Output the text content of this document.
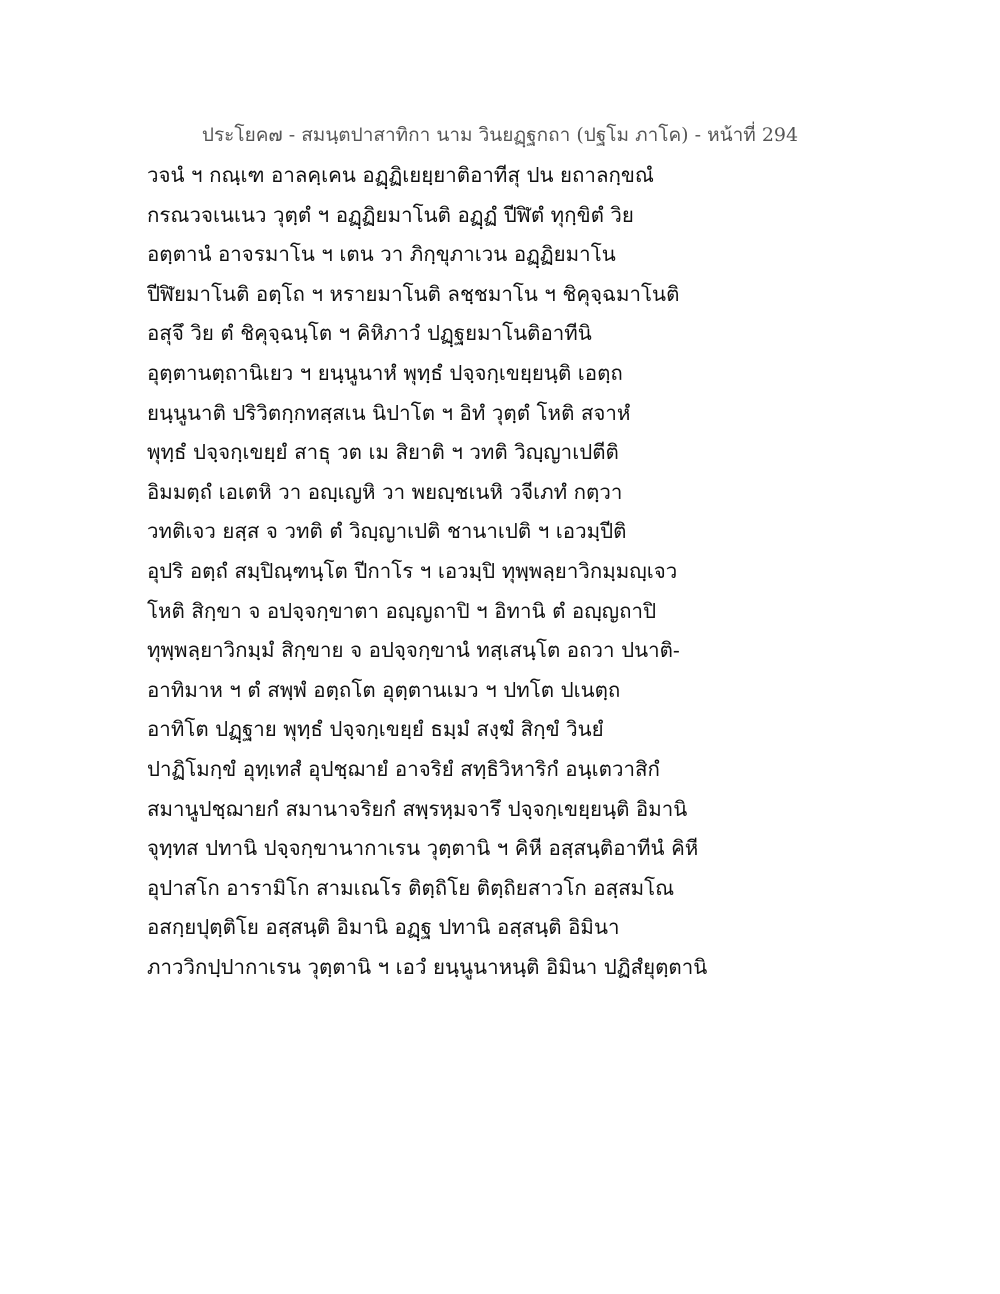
ประโยค๗ - สมนฺตปาสาทิกา นาม วินยฏฺฐกถา (ปฐโม ภาโค) - หน้าที่ 294
วจนํ ฯ กณฺเฑ อาลคฺเคน อฏฺฏิเยยฺยาติอาทีสุ ปน ยถาลกฺขณํ
กรณวจเนเนว วุตฺตํ ฯ อฏฺฏิยมาโนติ อฏฺฏํ ปีฬิตํ ทุกฺขิตํ วิย
อตฺตานํ อาจรมาโน ฯ เตน วา ภิกฺขุภาเวน อฏฺฏิยมาโน
ปีฬิยมาโนติ อตฺโถ ฯ หรายมาโนติ ลชฺชมาโน ฯ ชิคุจฺฉมาโนติ
อสุจึ วิย ตํ ชิคุจฺฉนฺโต ฯ คิหิภาวํ ปฏฺฐยมาโนติอาทีนิ
อุตฺตานตฺถานิเยว ฯ ยนฺนูนาหํ พุทฺธํ ปจฺจกฺเขยฺยนฺติ เอตฺถ
ยนฺนูนาติ ปริวิตกฺกทสฺสเน นิปาโต ฯ อิทํ วุตฺตํ โหติ สจาหํ
พุทฺธํ ปจฺจกฺเขยฺยํ สาธุ วต เม สิยาติ ฯ วทติ วิญฺญาเปตีติ
อิมมตฺถํ เอเตหิ วา อญฺเญหิ วา พยญฺชเนหิ วจีเภทํ กตฺวา
วทติเจว ยสฺส จ วทติ ตํ วิญฺญาเปติ ชานาเปติ ฯ เอวมฺปีติ
อุปริ อตฺถํ สมฺปิณฺฑนฺโต ปีกาโร ฯ เอวมฺปิ ทุพฺพลฺยาวิกมฺมญฺเจว
โหติ สิกฺขา จ อปจฺจกฺขาตา อญฺญถาปิ ฯ อิทานิ ตํ อญฺญถาปิ
ทุพฺพลฺยาวิกมฺมํ สิกฺขาย จ อปจฺจกฺขานํ ทสฺเสนฺโต อถวา ปนาติ-
อาทิมาห ฯ ตํ สพฺพํ อตฺถโต อุตฺตานเมว ฯ ปทโต ปเนตฺถ
อาทิโต ปฏฺฐาย พุทฺธํ ปจฺจกฺเขยฺยํ ธมฺมํ สงฺฆํ สิกฺขํ วินยํ
ปาฏิโมกฺขํ อุทฺเทสํ อุปชฺฌายํ อาจริยํ สทฺธิวิหาริกํ อนฺเตวาสิกํ
สมานูปชฺฌายกํ สมานาจริยกํ สพฺรหฺมจารึ ปจฺจกฺเขยฺยนฺติ อิมานิ
จุทฺทส ปทานิ ปจฺจกฺขานากาเรน วุตฺตานิ ฯ คิหี อสฺสนฺติอาทีนํ คิหี
อุปาสโก อารามิโก สามเณโร ติตฺถิโย ติตฺถิยสาวโก อสฺสมโณ
อสกฺยปุตฺติโย อสฺสนฺติ อิมานิ อฏฺฐ ปทานิ อสฺสนฺติ อิมินา
ภาววิกปฺปากาเรน วุตฺตานิ ฯ เอวํ ยนฺนูนาหนฺติ อิมินา ปฏิสํยุตฺตานิ
